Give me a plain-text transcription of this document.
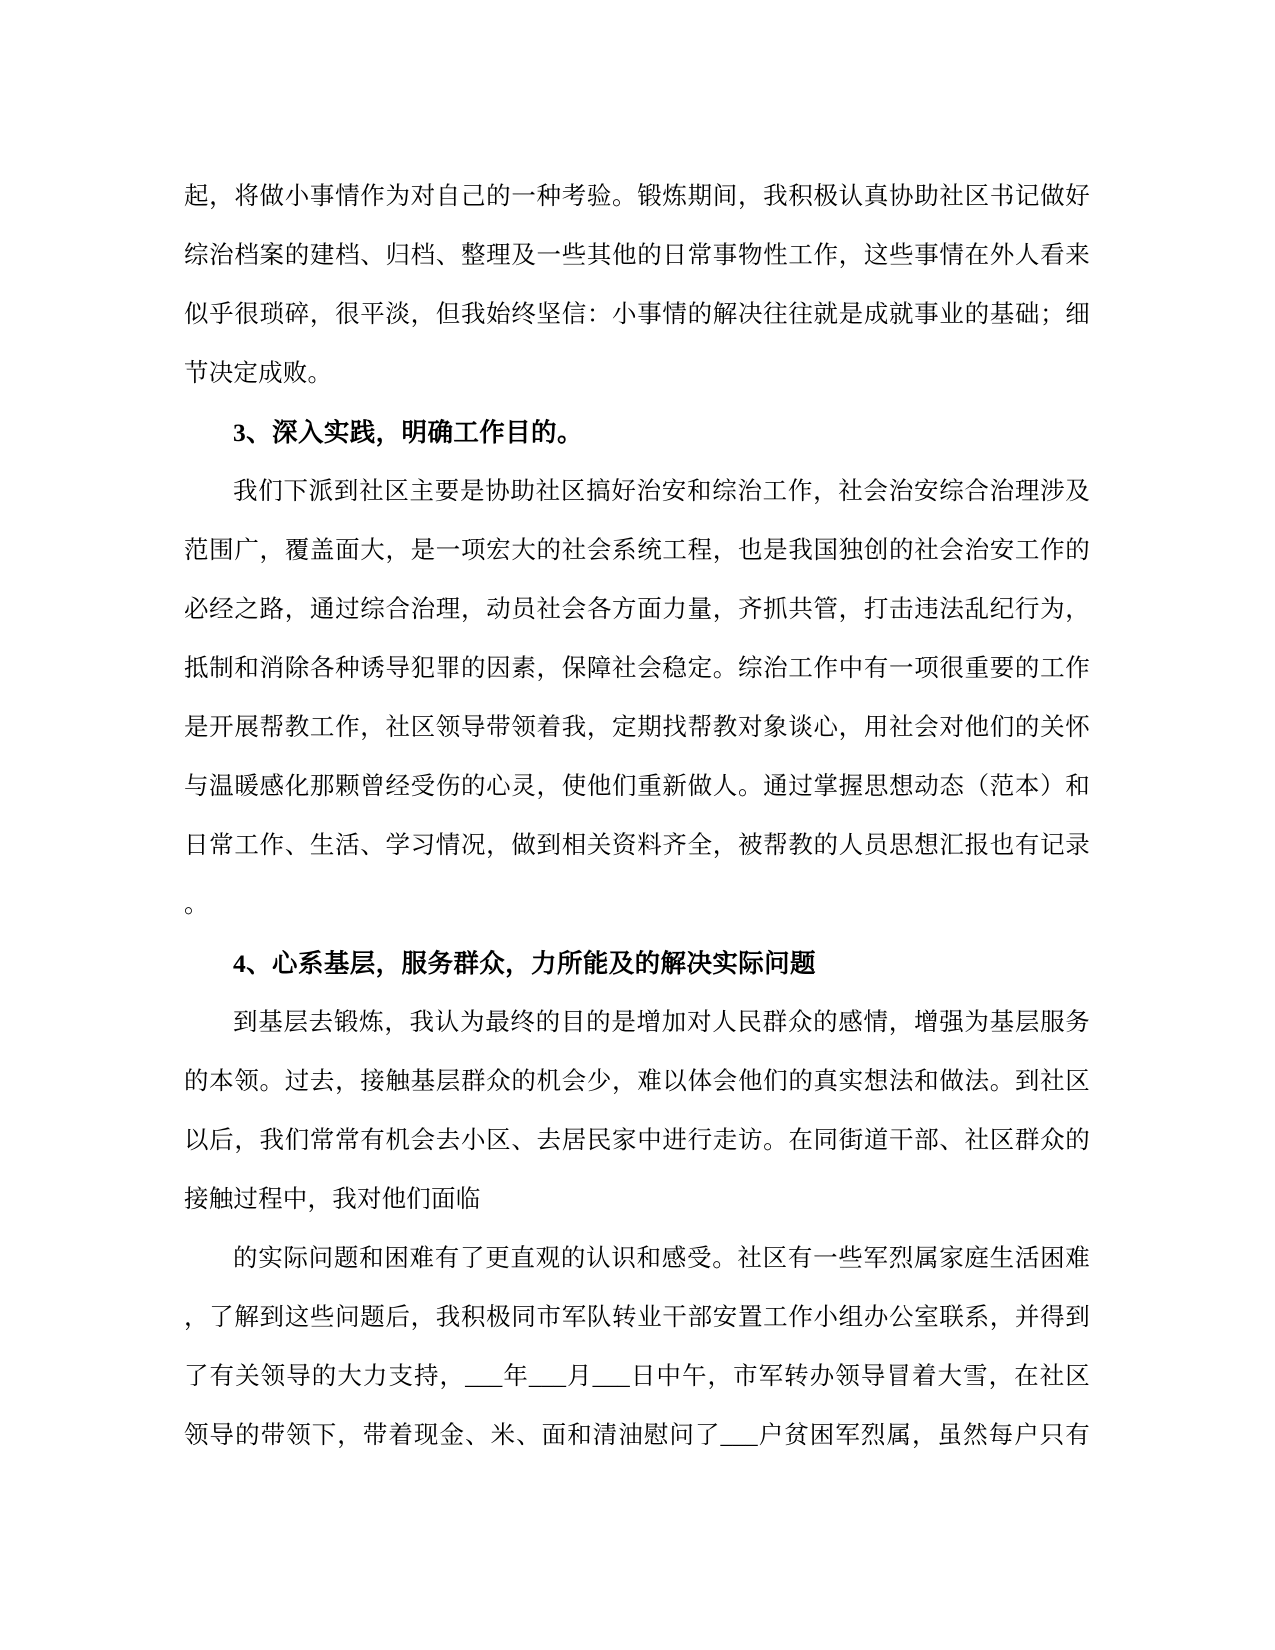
起，将做小事情作为对自己的一种考验。锻炼期间，我积极认真协助社区书记做好
综治档案的建档、归档、整理及一些其他的日常事物性工作，这些事情在外人看来
似乎很琐碎，很平淡，但我始终坚信：小事情的解决往往就是成就事业的基础；细
节决定成败。
3、深入实践，明确工作目的。
我们下派到社区主要是协助社区搞好治安和综治工作，社会治安综合治理涉及
范围广，覆盖面大，是一项宏大的社会系统工程，也是我国独创的社会治安工作的
必经之路，通过综合治理，动员社会各方面力量，齐抓共管，打击违法乱纪行为，
抵制和消除各种诱导犯罪的因素，保障社会稳定。综治工作中有一项很重要的工作
是开展帮教工作，社区领导带领着我，定期找帮教对象谈心，用社会对他们的关怀
与温暖感化那颗曾经受伤的心灵，使他们重新做人。通过掌握思想动态（范本）和
日常工作、生活、学习情况，做到相关资料齐全，被帮教的人员思想汇报也有记录
。
4、心系基层，服务群众，力所能及的解决实际问题
到基层去锻炼，我认为最终的目的是增加对人民群众的感情，增强为基层服务
的本领。过去，接触基层群众的机会少，难以体会他们的真实想法和做法。到社区
以后，我们常常有机会去小区、去居民家中进行走访。在同街道干部、社区群众的
接触过程中，我对他们面临
的实际问题和困难有了更直观的认识和感受。社区有一些军烈属家庭生活困难
，了解到这些问题后，我积极同市军队转业干部安置工作小组办公室联系，并得到
了有关领导的大力支持，___年___月___日中午，市军转办领导冒着大雪，在社区
领导的带领下，带着现金、米、面和清油慰问了___户贫困军烈属，虽然每户只有
